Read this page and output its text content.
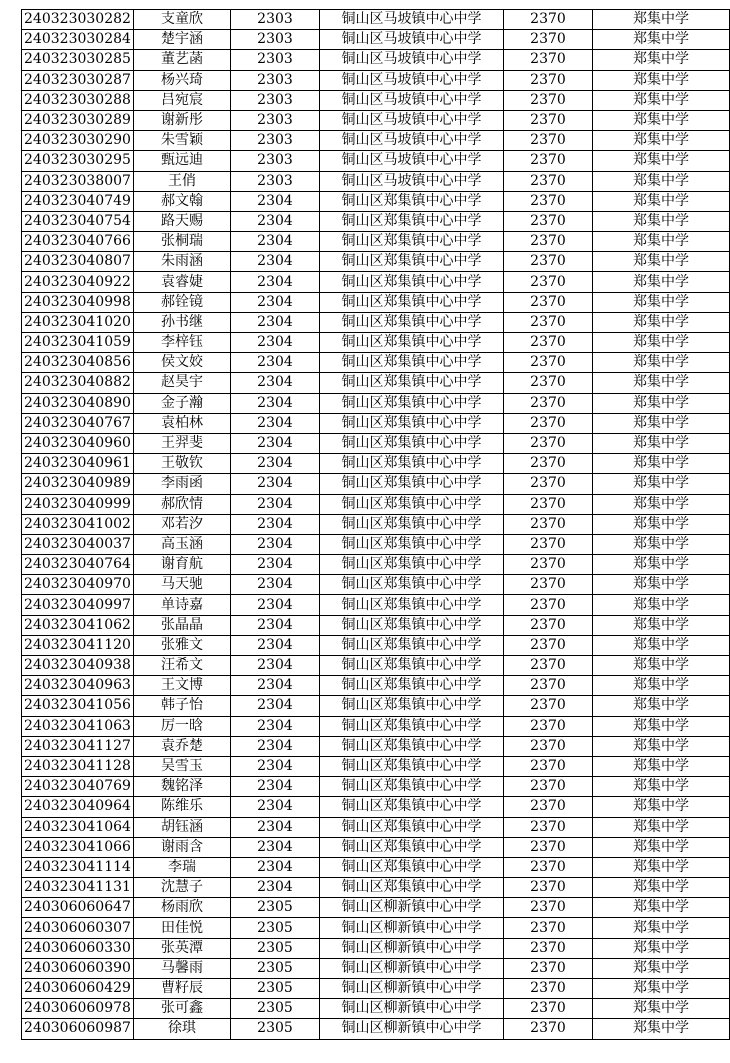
240323030282	支童欣	2303	铜山区马坡镇中心中学	2370	郑集中学
240323030284	楚宇涵	2303	铜山区马坡镇中心中学	2370	郑集中学
240323030285	董艺菡	2303	铜山区马坡镇中心中学	2370	郑集中学
240323030287	杨兴琦	2303	铜山区马坡镇中心中学	2370	郑集中学
240323030288	吕宛宸	2303	铜山区马坡镇中心中学	2370	郑集中学
240323030289	谢新彤	2303	铜山区马坡镇中心中学	2370	郑集中学
240323030290	朱雪颖	2303	铜山区马坡镇中心中学	2370	郑集中学
240323030295	甄远迪	2303	铜山区马坡镇中心中学	2370	郑集中学
240323038007	王俏	2303	铜山区马坡镇中心中学	2370	郑集中学
240323040749	郝文翰	2304	铜山区郑集镇中心中学	2370	郑集中学
240323040754	路天赐	2304	铜山区郑集镇中心中学	2370	郑集中学
240323040766	张桐瑞	2304	铜山区郑集镇中心中学	2370	郑集中学
240323040807	朱雨涵	2304	铜山区郑集镇中心中学	2370	郑集中学
240323040922	袁睿婕	2304	铜山区郑集镇中心中学	2370	郑集中学
240323040998	郝铨镜	2304	铜山区郑集镇中心中学	2370	郑集中学
240323041020	孙书继	2304	铜山区郑集镇中心中学	2370	郑集中学
240323041059	李梓钰	2304	铜山区郑集镇中心中学	2370	郑集中学
240323040856	侯文姣	2304	铜山区郑集镇中心中学	2370	郑集中学
240323040882	赵昊宇	2304	铜山区郑集镇中心中学	2370	郑集中学
240323040890	金子瀚	2304	铜山区郑集镇中心中学	2370	郑集中学
240323040767	袁柏林	2304	铜山区郑集镇中心中学	2370	郑集中学
240323040960	王羿斐	2304	铜山区郑集镇中心中学	2370	郑集中学
240323040961	王敬钦	2304	铜山区郑集镇中心中学	2370	郑集中学
240323040989	李雨函	2304	铜山区郑集镇中心中学	2370	郑集中学
240323040999	郝欣情	2304	铜山区郑集镇中心中学	2370	郑集中学
240323041002	邓若汐	2304	铜山区郑集镇中心中学	2370	郑集中学
240323040037	高玉涵	2304	铜山区郑集镇中心中学	2370	郑集中学
240323040764	谢育航	2304	铜山区郑集镇中心中学	2370	郑集中学
240323040970	马天驰	2304	铜山区郑集镇中心中学	2370	郑集中学
240323040997	单诗嘉	2304	铜山区郑集镇中心中学	2370	郑集中学
240323041062	张晶晶	2304	铜山区郑集镇中心中学	2370	郑集中学
240323041120	张雅文	2304	铜山区郑集镇中心中学	2370	郑集中学
240323040938	汪希文	2304	铜山区郑集镇中心中学	2370	郑集中学
240323040963	王文博	2304	铜山区郑集镇中心中学	2370	郑集中学
240323041056	韩子怡	2304	铜山区郑集镇中心中学	2370	郑集中学
240323041063	厉一晗	2304	铜山区郑集镇中心中学	2370	郑集中学
240323041127	袁乔楚	2304	铜山区郑集镇中心中学	2370	郑集中学
240323041128	吴雪玉	2304	铜山区郑集镇中心中学	2370	郑集中学
240323040769	魏铭泽	2304	铜山区郑集镇中心中学	2370	郑集中学
240323040964	陈维乐	2304	铜山区郑集镇中心中学	2370	郑集中学
240323041064	胡钰涵	2304	铜山区郑集镇中心中学	2370	郑集中学
240323041066	谢雨含	2304	铜山区郑集镇中心中学	2370	郑集中学
240323041114	李瑞	2304	铜山区郑集镇中心中学	2370	郑集中学
240323041131	沈慧子	2304	铜山区郑集镇中心中学	2370	郑集中学
240306060647	杨雨欣	2305	铜山区柳新镇中心中学	2370	郑集中学
240306060307	田佳悦	2305	铜山区柳新镇中心中学	2370	郑集中学
240306060330	张英潭	2305	铜山区柳新镇中心中学	2370	郑集中学
240306060390	马馨雨	2305	铜山区柳新镇中心中学	2370	郑集中学
240306060429	曹籽辰	2305	铜山区柳新镇中心中学	2370	郑集中学
240306060978	张可鑫	2305	铜山区柳新镇中心中学	2370	郑集中学
240306060987	徐琪	2305	铜山区柳新镇中心中学	2370	郑集中学
